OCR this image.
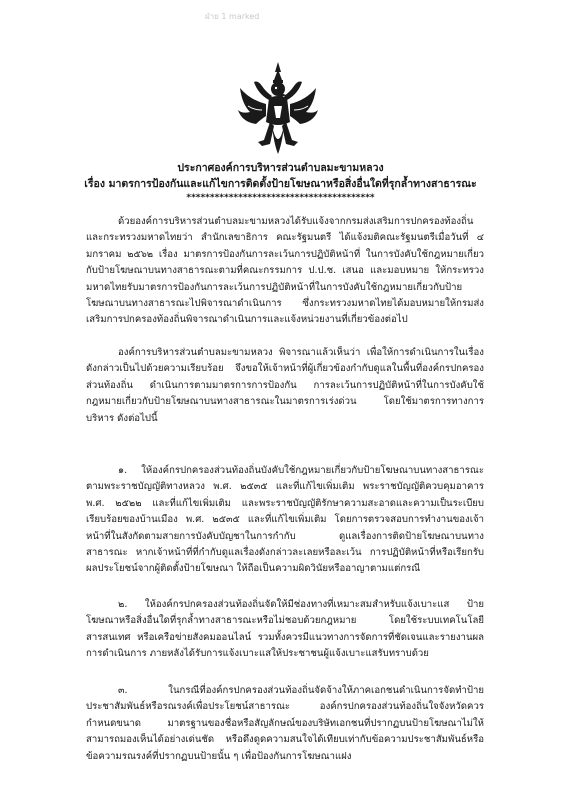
ฝ่าย 1 marked
ประกาศองค์การบริหารส่วนตำบลมะขามหลวง
เรื่อง มาตรการป้องกันและแก้ไขการติดตั้งป้ายโฆษณาหรือสิ่งอื่นใดที่รุกล้ำทางสาธารณะ
****************************************

ด้วยองค์การบริหารส่วนตำบลมะขามหลวงได้รับแจ้งจากกรมส่งเสริมการปกครองท้องถิ่นและกระทรวงมหาดไทยว่า สำนักเลขาธิการ คณะรัฐมนตรี ได้แจ้งมติคณะรัฐมนตรีเมื่อวันที่ ๔ มกราคม ๒๕๖๒ เรื่อง มาตรการป้องกันการละเว้นการปฏิบัติหน้าที่ ในการบังคับใช้กฎหมายเกี่ยวกับป้ายโฆษณาบนทางสาธารณะตามที่คณะกรรมการ ป.ป.ช. เสนอ และมอบหมาย ให้กระทรวงมหาดไทยรับมาตรการป้องกันการละเว้นการปฏิบัติหน้าที่ในการบังคับใช้กฎหมายเกี่ยวกับป้าย โฆษณาบนทางสาธารณะไปพิจารณาดำเนินการ ซึ่งกระทรวงมหาดไทยได้มอบหมายให้กรมส่งเสริมการปกครองท้องถิ่นพิจารณาดำเนินการและแจ้งหน่วยงานที่เกี่ยวข้องต่อไป

องค์การบริหารส่วนตำบลมะขามหลวง พิจารณาแล้วเห็นว่า เพื่อให้การดำเนินการในเรื่องดังกล่าวเป็นไปด้วยความเรียบร้อย จึงขอให้เจ้าหน้าที่ผู้เกี่ยวข้องกำกับดูแลในพื้นที่องค์กรปกครองส่วนท้องถิ่น ดำเนินการตามมาตรการการป้องกัน การละเว้นการปฏิบัติหน้าที่ในการบังคับใช้กฎหมายเกี่ยวกับป้ายโฆษณาบนทางสาธารณะในมาตรการเร่งด่วน โดยใช้มาตรการทางการบริหาร ดังต่อไปนี้

๑. ให้องค์กรปกครองส่วนท้องถิ่นบังคับใช้กฎหมายเกี่ยวกับป้ายโฆษณาบนทางสาธารณะตามพระราชบัญญัติทางหลวง พ.ศ. ๒๕๓๕ และที่แก้ไขเพิ่มเติม พระราชบัญญัติควบคุมอาคาร พ.ศ. ๒๕๒๒ และที่แก้ไขเพิ่มเติม และพระราชบัญญัติรักษาความสะอาดและความเป็นระเบียบเรียบร้อยของบ้านเมือง พ.ศ. ๒๕๓๕ และที่แก้ไขเพิ่มเติม โดยการตรวจสอบการทำงานของเจ้าหน้าที่ในสังกัดตามสายการบังคับบัญชาในการกำกับ ดูแลเรื่องการติดป้ายโฆษณาบนทางสาธารณะ หากเจ้าหน้าที่ที่กำกับดูแลเรื่องดังกล่าวละเลยหรือละเว้น การปฏิบัติหน้าที่หรือเรียกรับผลประโยชน์จากผู้ติดตั้งป้ายโฆษณา ให้ถือเป็นความผิดวินัยหรืออาญาตามแต่กรณี

๒. ให้องค์กรปกครองส่วนท้องถิ่นจัดให้มีช่องทางที่เหมาะสมสำหรับแจ้งเบาะแส ป้ายโฆษณาหรือสิ่งอื่นใดที่รุกล้ำทางสาธารณะหรือไม่ชอบด้วยกฎหมาย โดยใช้ระบบเทคโนโลยีสารสนเทศ หรือเครือข่ายสังคมออนไลน์ รวมทั้งควรมีแนวทางการจัดการที่ชัดเจนและรายงานผลการดำเนินการ ภายหลังได้รับการแจ้งเบาะแสให้ประชาชนผู้แจ้งเบาะแสรับทราบด้วย

๓. ในกรณีที่องค์กรปกครองส่วนท้องถิ่นจัดจ้างให้ภาคเอกชนดำเนินการจัดทำป้าย ประชาสัมพันธ์หรือรณรงค์เพื่อประโยชน์สาธารณะ องค์กรปกครองส่วนท้องถิ่นใจจังหวัดควรกำหนดขนาด มาตรฐานของชื่อหรือสัญลักษณ์ของบริษัทเอกชนที่ปรากฏบนป้ายโฆษณาไม่ให้สามารถมองเห็นได้อย่างเด่นชัด หรือดึงดูดความสนใจได้เทียบเท่ากับข้อความประชาสัมพันธ์หรือข้อความรณรงค์ที่ปรากฏบนป้ายนั้น ๆ เพื่อป้องกันการโฆษณาแฝง
